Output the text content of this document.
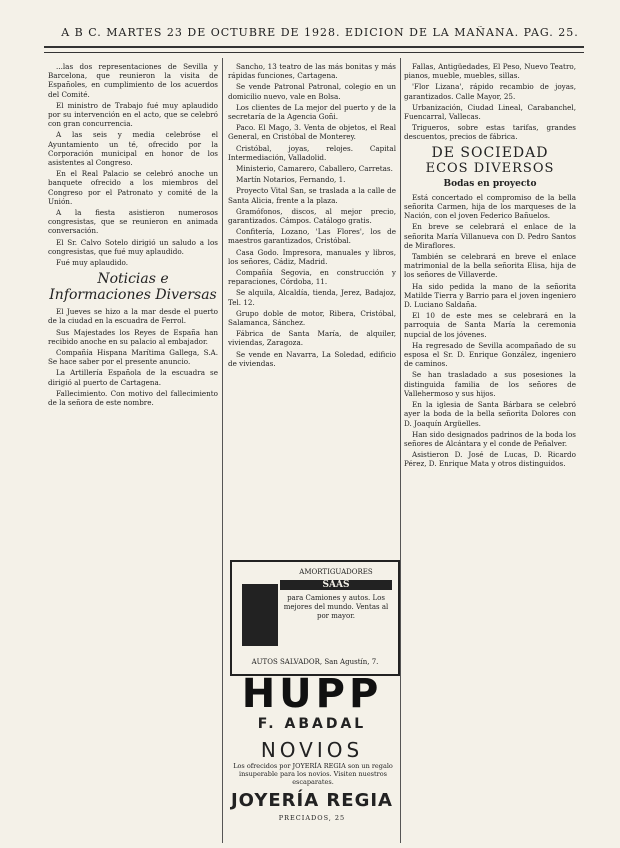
A B C. MARTES 23 DE OCTUBRE DE 1928. EDICION DE LA MAÑANA. PAG. 25.

...las dos representaciones de Sevilla y Barcelona, que reunieron la visita de Españoles, en cumplimiento de los acuerdos del Comité.

El ministro de Trabajo fué muy aplaudido por su intervención en el acto, que se celebró con gran concurrencia.

A las seis y media celebróse el Ayuntamiento un té, ofrecido por la Corporación municipal en honor de los asistentes al Congreso.

En el Real Palacio se celebró anoche un banquete ofrecido a los miembros del Congreso por el Patronato y comité de la Unión.

A la fiesta asistieron numerosos congresistas, que se reunieron en animada conversación.

El Sr. Calvo Sotelo dirigió un saludo a los congresistas, que fué muy aplaudido.

Fué muy aplaudido.

Noticias e Informaciones Diversas

El Jueves se hizo a la mar desde el puerto de la ciudad en la escuadra de Ferrol.

Sus Majestades los Reyes de España han recibido anoche en su palacio al embajador.

Compañía Hispana Marítima Gallega, S.A. Se hace saber por el presente anuncio.

La Artillería Española de la escuadra se dirigió al puerto de Cartagena.

Fallecimiento. Con motivo del fallecimiento de la señora de este nombre.

Sancho, 13 teatro de las más bonitas y más rápidas funciones, Cartagena.

Se vende Patronal Patronal, colegio en un domicilio nuevo, vale en Bolsa.

Los clientes de La mejor del puerto y de la secretaría de la Agencia Goñi.

Paco. El Mago, 3. Venta de objetos, el Real General, en Cristóbal de Monterey.

Cristóbal, joyas, relojes. Capital Intermediación, Valladolid.

Ministerio, Camarero, Caballero, Carretas.

Martín Notarios, Fernando, 1.

Proyecto Vital San, se traslada a la calle de Santa Alicia, frente a la plaza.

Gramófonos, discos, al mejor precio, garantizados. Cámpos. Catálogo gratis.

Confitería, Lozano, 'Las Flores', los de maestros garantizados, Cristóbal.

Casa Godo. Impresora, manuales y libros, los señores, Cádiz, Madrid.

Compañía Segovia, en construcción y reparaciones, Córdoba, 11.

Se alquila, Alcaldía, tienda, Jerez, Badajoz, Tel. 12.

Grupo doble de motor, Ribera, Cristóbal, Salamanca, Sánchez.

Fábrica de Santa María, de alquiler, viviendas, Zaragoza.

Se vende en Navarra, La Soledad, edificio de viviendas.

AMORTIGUADORES
SAAS
para Camiones y autos. Los mejores del mundo. Ventas al por mayor.
AUTOS SALVADOR, San Agustín, 7.
HUPP
F. ABADAL
NOVIOS
Los ofrecidos por JOYERÍA REGIA son un regalo insuperable para los novios. Visiten nuestros escaparates.
JOYERÍA REGIA
PRECIADOS, 25

Fallas, Antigüedades, El Peso, Nuevo Teatro, pianos, mueble, muebles, sillas.

'Flor Lizana', rápido recambio de joyas, garantizados. Calle Mayor, 25.

Urbanización, Ciudad Lineal, Carabanchel, Fuencarral, Vallecas.

Trigueros, sobre estas tarifas, grandes descuentos, precios de fábrica.

DE SOCIEDAD
ECOS DIVERSOS
Bodas en proyecto

Está concertado el compromiso de la bella señorita Carmen, hija de los marqueses de la Nación, con el joven Federico Bañuelos.

En breve se celebrará el enlace de la señorita María Villanueva con D. Pedro Santos de Miraflores.

También se celebrará en breve el enlace matrimonial de la bella señorita Elisa, hija de los señores de Villaverde.

Ha sido pedida la mano de la señorita Matilde Tierra y Barrio para el joven ingeniero D. Luciano Saldaña.

El 10 de este mes se celebrará en la parroquia de Santa María la ceremonia nupcial de los jóvenes.

Ha regresado de Sevilla acompañado de su esposa el Sr. D. Enrique González, ingeniero de caminos.

Se han trasladado a sus posesiones la distinguida familia de los señores de Vallehermoso y sus hijos.

En la iglesia de Santa Bárbara se celebró ayer la boda de la bella señorita Dolores con D. Joaquín Argüelles.

Han sido designados padrinos de la boda los señores de Alcántara y el conde de Peñalver.

Asistieron D. José de Lucas, D. Ricardo Pérez, D. Enrique Mata y otros distinguidos.
